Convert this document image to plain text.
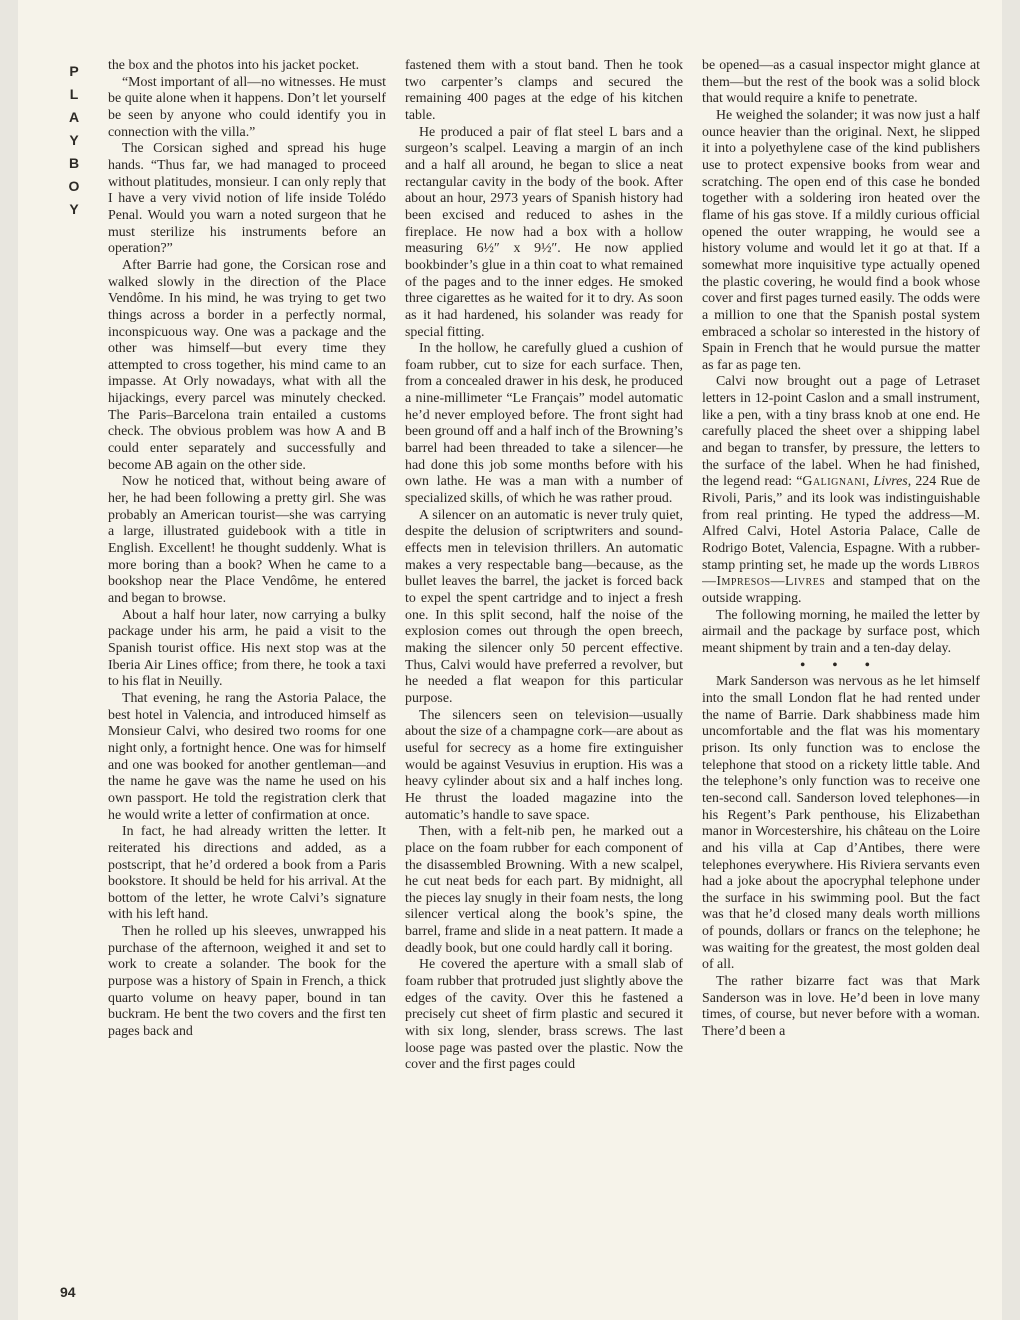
P
L
A
Y
B
O
Y
94

the box and the photos into his jacket pocket.

“Most important of all—no witnesses. He must be quite alone when it happens. Don’t let yourself be seen by anyone who could identify you in connection with the villa.”

The Corsican sighed and spread his huge hands. “Thus far, we had managed to proceed without platitudes, monsieur. I can only reply that I have a very vivid notion of life inside Tolédo Penal. Would you warn a noted surgeon that he must sterilize his instruments before an operation?”

After Barrie had gone, the Corsican rose and walked slowly in the direction of the Place Vendôme. In his mind, he was trying to get two things across a border in a perfectly normal, inconspicuous way. One was a package and the other was himself—but every time they attempted to cross together, his mind came to an impasse. At Orly nowadays, what with all the hijackings, every parcel was minutely checked. The Paris–Barcelona train entailed a customs check. The obvious problem was how A and B could enter separately and successfully and become AB again on the other side.

Now he noticed that, without being aware of her, he had been following a pretty girl. She was probably an American tourist—she was carrying a large, illustrated guidebook with a title in English. Excellent! he thought suddenly. What is more boring than a book? When he came to a bookshop near the Place Vendôme, he entered and began to browse.

About a half hour later, now carrying a bulky package under his arm, he paid a visit to the Spanish tourist office. His next stop was at the Iberia Air Lines office; from there, he took a taxi to his flat in Neuilly.

That evening, he rang the Astoria Palace, the best hotel in Valencia, and introduced himself as Monsieur Calvi, who desired two rooms for one night only, a fortnight hence. One was for himself and one was booked for another gentleman—and the name he gave was the name he used on his own passport. He told the registration clerk that he would write a letter of confirmation at once.

In fact, he had already written the letter. It reiterated his directions and added, as a postscript, that he’d ordered a book from a Paris bookstore. It should be held for his arrival. At the bottom of the letter, he wrote Calvi’s signature with his left hand.

Then he rolled up his sleeves, unwrapped his purchase of the afternoon, weighed it and set to work to create a solander. The book for the purpose was a history of Spain in French, a thick quarto volume on heavy paper, bound in tan buckram. He bent the two covers and the first ten pages back and

fastened them with a stout band. Then he took two carpenter’s clamps and secured the remaining 400 pages at the edge of his kitchen table.

He produced a pair of flat steel L bars and a surgeon’s scalpel. Leaving a margin of an inch and a half all around, he began to slice a neat rectangular cavity in the body of the book. After about an hour, 2973 years of Spanish history had been excised and reduced to ashes in the fireplace. He now had a box with a hollow measuring 6½″ x 9½″. He now applied bookbinder’s glue in a thin coat to what remained of the pages and to the inner edges. He smoked three cigarettes as he waited for it to dry. As soon as it had hardened, his solander was ready for special fitting.

In the hollow, he carefully glued a cushion of foam rubber, cut to size for each surface. Then, from a concealed drawer in his desk, he produced a nine-millimeter “Le Français” model automatic he’d never employed before. The front sight had been ground off and a half inch of the Browning’s barrel had been threaded to take a silencer—he had done this job some months before with his own lathe. He was a man with a number of specialized skills, of which he was rather proud.

A silencer on an automatic is never truly quiet, despite the delusion of scriptwriters and sound-effects men in television thrillers. An automatic makes a very respectable bang—because, as the bullet leaves the barrel, the jacket is forced back to expel the spent cartridge and to inject a fresh one. In this split second, half the noise of the explosion comes out through the open breech, making the silencer only 50 percent effective. Thus, Calvi would have preferred a revolver, but he needed a flat weapon for this particular purpose.

The silencers seen on television—usually about the size of a champagne cork—are about as useful for secrecy as a home fire extinguisher would be against Vesuvius in eruption. His was a heavy cylinder about six and a half inches long. He thrust the loaded magazine into the automatic’s handle to save space.

Then, with a felt-nib pen, he marked out a place on the foam rubber for each component of the disassembled Browning. With a new scalpel, he cut neat beds for each part. By midnight, all the pieces lay snugly in their foam nests, the long silencer vertical along the book’s spine, the barrel, frame and slide in a neat pattern. It made a deadly book, but one could hardly call it boring.

He covered the aperture with a small slab of foam rubber that protruded just slightly above the edges of the cavity. Over this he fastened a precisely cut sheet of firm plastic and secured it with six long, slender, brass screws. The last loose page was pasted over the plastic. Now the cover and the first pages could

be opened—as a casual inspector might glance at them—but the rest of the book was a solid block that would require a knife to penetrate.

He weighed the solander; it was now just a half ounce heavier than the original. Next, he slipped it into a polyethylene case of the kind publishers use to protect expensive books from wear and scratching. The open end of this case he bonded together with a soldering iron heated over the flame of his gas stove. If a mildly curious official opened the outer wrapping, he would see a history volume and would let it go at that. If a somewhat more inquisitive type actually opened the plastic covering, he would find a book whose cover and first pages turned easily. The odds were a million to one that the Spanish postal system embraced a scholar so interested in the history of Spain in French that he would pursue the matter as far as page ten.

Calvi now brought out a page of Letraset letters in 12-point Caslon and a small instrument, like a pen, with a tiny brass knob at one end. He carefully placed the sheet over a shipping label and began to transfer, by pressure, the letters to the surface of the label. When he had finished, the legend read: “Galignani, Livres, 224 Rue de Rivoli, Paris,” and its look was indistinguishable from real printing. He typed the address—M. Alfred Calvi, Hotel Astoria Palace, Calle de Rodrigo Botet, Valencia, Espagne. With a rubber-stamp printing set, he made up the words Libros—Impresos—Livres and stamped that on the outside wrapping.

The following morning, he mailed the letter by airmail and the package by surface post, which meant shipment by train and a ten-day delay.

• • •

Mark Sanderson was nervous as he let himself into the small London flat he had rented under the name of Barrie. Dark shabbiness made him uncomfortable and the flat was his momentary prison. Its only function was to enclose the telephone that stood on a rickety little table. And the telephone’s only function was to receive one ten-second call. Sanderson loved telephones—in his Regent’s Park penthouse, his Elizabethan manor in Worcestershire, his château on the Loire and his villa at Cap d’Antibes, there were telephones everywhere. His Riviera servants even had a joke about the apocryphal telephone under the surface in his swimming pool. But the fact was that he’d closed many deals worth millions of pounds, dollars or francs on the telephone; he was waiting for the greatest, the most golden deal of all.

The rather bizarre fact was that Mark Sanderson was in love. He’d been in love many times, of course, but never before with a woman. There’d been a
